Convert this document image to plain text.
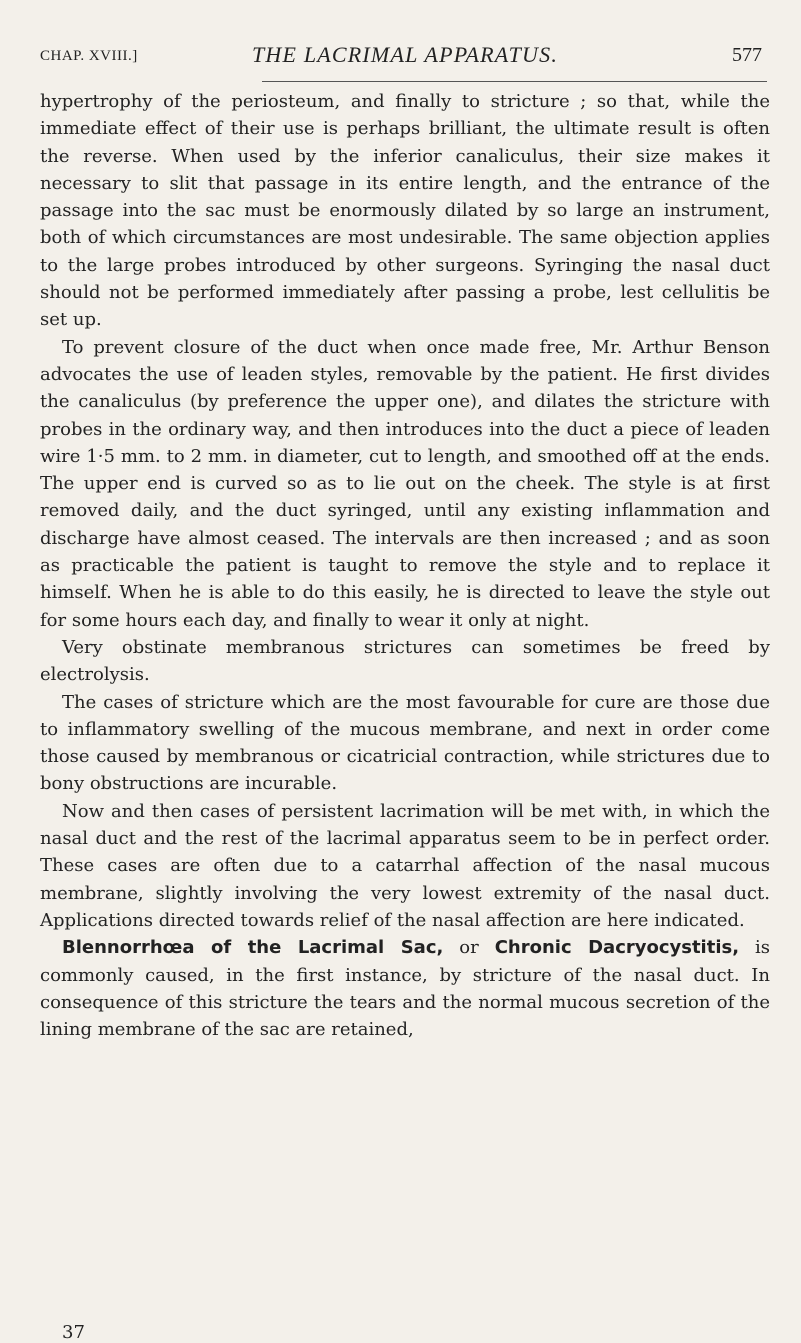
CHAP. XVIII.]	THE LACRIMAL APPARATUS.	577

hypertrophy of the periosteum, and finally to stricture ; so that, while the immediate effect of their use is perhaps brilliant, the ultimate result is often the reverse. When used by the inferior canaliculus, their size makes it necessary to slit that passage in its entire length, and the entrance of the passage into the sac must be enormously dilated by so large an instrument, both of which circumstances are most undesirable. The same objection applies to the large probes introduced by other surgeons. Syringing the nasal duct should not be performed immediately after passing a probe, lest cellulitis be set up.

To prevent closure of the duct when once made free, Mr. Arthur Benson advocates the use of leaden styles, removable by the patient. He first divides the canaliculus (by preference the upper one), and dilates the stricture with probes in the ordinary way, and then introduces into the duct a piece of leaden wire 1·5 mm. to 2 mm. in diameter, cut to length, and smoothed off at the ends. The upper end is curved so as to lie out on the cheek. The style is at first removed daily, and the duct syringed, until any existing inflammation and discharge have almost ceased. The intervals are then increased ; and as soon as practicable the patient is taught to remove the style and to replace it himself. When he is able to do this easily, he is directed to leave the style out for some hours each day, and finally to wear it only at night.

Very obstinate membranous strictures can sometimes be freed by electrolysis.

The cases of stricture which are the most favourable for cure are those due to inflammatory swelling of the mucous membrane, and next in order come those caused by membranous or cicatricial contraction, while strictures due to bony obstructions are incurable.

Now and then cases of persistent lacrimation will be met with, in which the nasal duct and the rest of the lacrimal apparatus seem to be in perfect order. These cases are often due to a catarrhal affection of the nasal mucous membrane, slightly involving the very lowest extremity of the nasal duct. Applications directed towards relief of the nasal affection are here indicated.

Blennorrhœa of the Lacrimal Sac, or Chronic Dacryocystitis, is commonly caused, in the first instance, by stricture of the nasal duct. In consequence of this stricture the tears and the normal mucous secretion of the lining membrane of the sac are retained,

37
